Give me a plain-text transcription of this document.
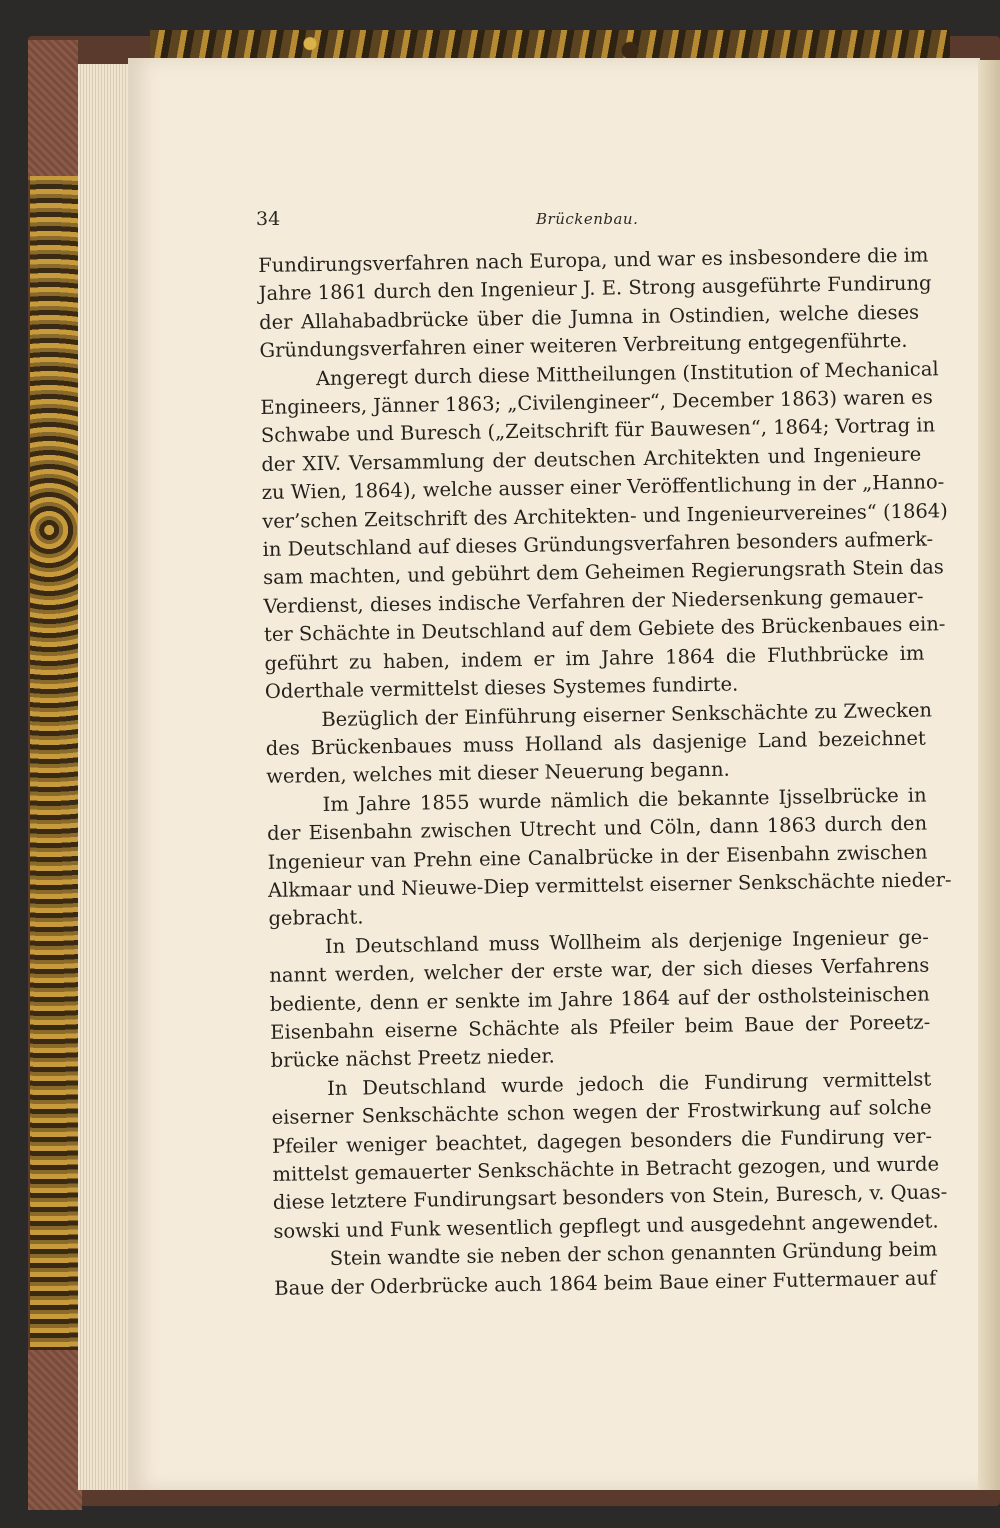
34	Brückenbau.
Fundirungsverfahren nach Europa, und war es insbesondere die im
Jahre 1861 durch den Ingenieur J. E. Strong ausgeführte Fundirung
der Allahabadbrücke über die Jumna in Ostindien, welche dieses
Gründungsverfahren einer weiteren Verbreitung entgegenführte.
Angeregt durch diese Mittheilungen (Institution of Mechanical
Engineers, Jänner 1863; „Civilengineer“, December 1863) waren es
Schwabe und Buresch („Zeitschrift für Bauwesen“, 1864; Vortrag in
der XIV. Versammlung der deutschen Architekten und Ingenieure
zu Wien, 1864), welche ausser einer Veröffentlichung in der „Hanno-
ver’schen Zeitschrift des Architekten- und Ingenieurvereines“ (1864)
in Deutschland auf dieses Gründungsverfahren besonders aufmerk-
sam machten, und gebührt dem Geheimen Regierungsrath Stein das
Verdienst, dieses indische Verfahren der Niedersenkung gemauer-
ter Schächte in Deutschland auf dem Gebiete des Brückenbaues ein-
geführt zu haben, indem er im Jahre 1864 die Fluthbrücke im
Oderthale vermittelst dieses Systemes fundirte.
Bezüglich der Einführung eiserner Senkschächte zu Zwecken
des Brückenbaues muss Holland als dasjenige Land bezeichnet
werden, welches mit dieser Neuerung begann.
Im Jahre 1855 wurde nämlich die bekannte Ijsselbrücke in
der Eisenbahn zwischen Utrecht und Cöln, dann 1863 durch den
Ingenieur van Prehn eine Canalbrücke in der Eisenbahn zwischen
Alkmaar und Nieuwe-Diep vermittelst eiserner Senkschächte nieder-
gebracht.
In Deutschland muss Wollheim als derjenige Ingenieur ge-
nannt werden, welcher der erste war, der sich dieses Verfahrens
bediente, denn er senkte im Jahre 1864 auf der ostholsteinischen
Eisenbahn eiserne Schächte als Pfeiler beim Baue der Poreetz-
brücke nächst Preetz nieder.
In Deutschland wurde jedoch die Fundirung vermittelst
eiserner Senkschächte schon wegen der Frostwirkung auf solche
Pfeiler weniger beachtet, dagegen besonders die Fundirung ver-
mittelst gemauerter Senkschächte in Betracht gezogen, und wurde
diese letztere Fundirungsart besonders von Stein, Buresch, v. Quas-
sowski und Funk wesentlich gepflegt und ausgedehnt angewendet.
Stein wandte sie neben der schon genannten Gründung beim
Baue der Oderbrücke auch 1864 beim Baue einer Futtermauer auf
